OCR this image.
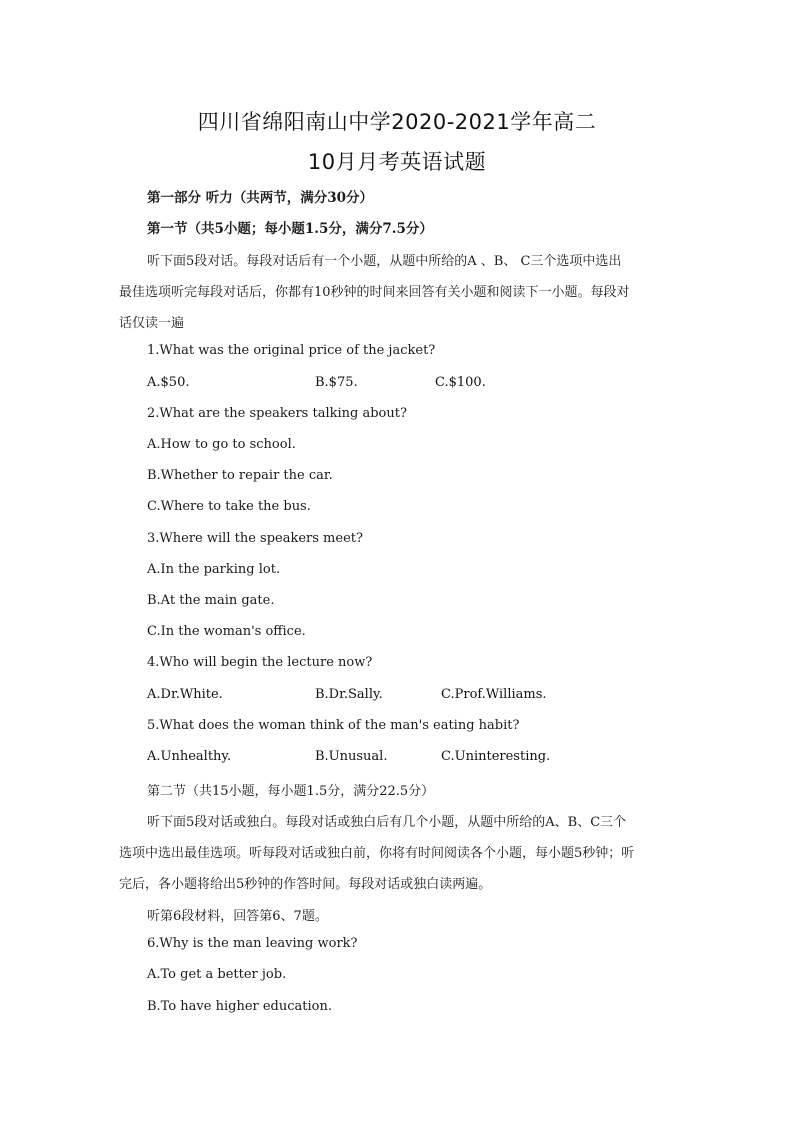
四川省绵阳南山中学2020-2021学年高二
10月月考英语试题
第一部分 听力（共两节，满分30分）
第一节（共5小题；每小题1.5分，满分7.5分）
听下面5段对话。每段对话后有一个小题，从题中所给的A 、B、 C三个选项中选出
最佳选项听完每段对话后，你都有10秒钟的时间来回答有关小题和阅读下一小题。每段对
话仅读一遍
1.What was the original price of the jacket?
A.$50.	B.$75.	C.$100.
2.What are the speakers talking about?
A.How to go to school.
B.Whether to repair the car.
C.Where to take the bus.
3.Where will the speakers meet?
A.In the parking lot.
B.At the main gate.
C.In the woman's office.
4.Who will begin the lecture now?
A.Dr.White.	B.Dr.Sally.	C.Prof.Williams.
5.What does the woman think of the man's eating habit?
A.Unhealthy.	B.Unusual.	C.Uninteresting.
第二节（共15小题，每小题1.5分，满分22.5分）
听下面5段对话或独白。每段对话或独白后有几个小题，从题中所给的A、B、C三个
选项中选出最佳选项。听每段对话或独白前，你将有时间阅读各个小题，每小题5秒钟；听
完后，各小题将给出5秒钟的作答时间。每段对话或独白读两遍。
听第6段材料，回答第6、7题。
6.Why is the man leaving work?
A.To get a better job.
B.To have higher education.
